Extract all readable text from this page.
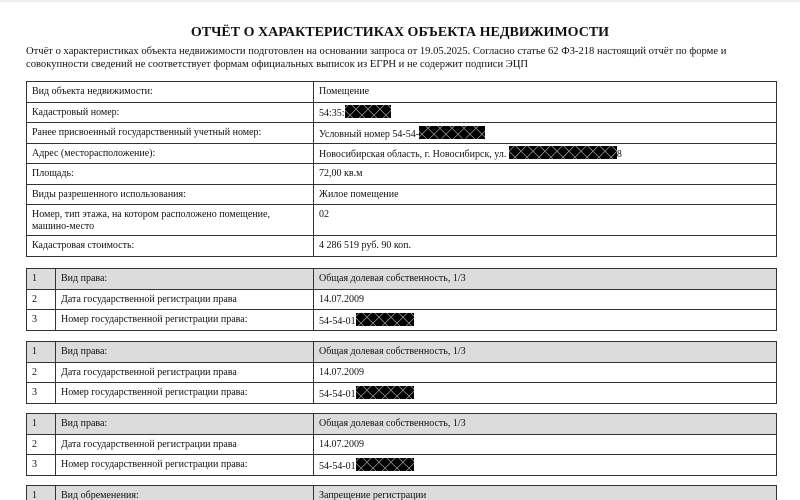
ОТЧЁТ О ХАРАКТЕРИСТИКАХ ОБЪЕКТА НЕДВИЖИМОСТИ
Отчёт о характеристиках объекта недвижимости подготовлен на основании запроса от 19.05.2025. Согласно статье 62 ФЗ-218 настоящий отчёт по форме и совокупности сведений не соответствует формам официальных выписок из ЕГРН и не содержит подписи ЭЦП
Вид объекта недвижимости:	Помещение
Кадастровый номер:	54:35:
Ранее присвоенный государственный учетный номер:	Условный номер 54-54-
Адрес (месторасположение):	Новосибирская область, г. Новосибирск, ул. 8
Площадь:	72,00 кв.м
Виды разрешенного использования:	Жилое помещение
Номер, тип этажа, на котором расположено помещение, машино-место	02
Кадастровая стоимость:	4 286 519 руб. 90 коп.
1	Вид права:	Общая долевая собственность, 1/3
2	Дата государственной регистрации права	14.07.2009
3	Номер государственной регистрации права:	54-54-01
1	Вид права:	Общая долевая собственность, 1/3
2	Дата государственной регистрации права	14.07.2009
3	Номер государственной регистрации права:	54-54-01
1	Вид права:	Общая долевая собственность, 1/3
2	Дата государственной регистрации права	14.07.2009
3	Номер государственной регистрации права:	54-54-01
1	Вид обременения:	Запрещение регистрации
